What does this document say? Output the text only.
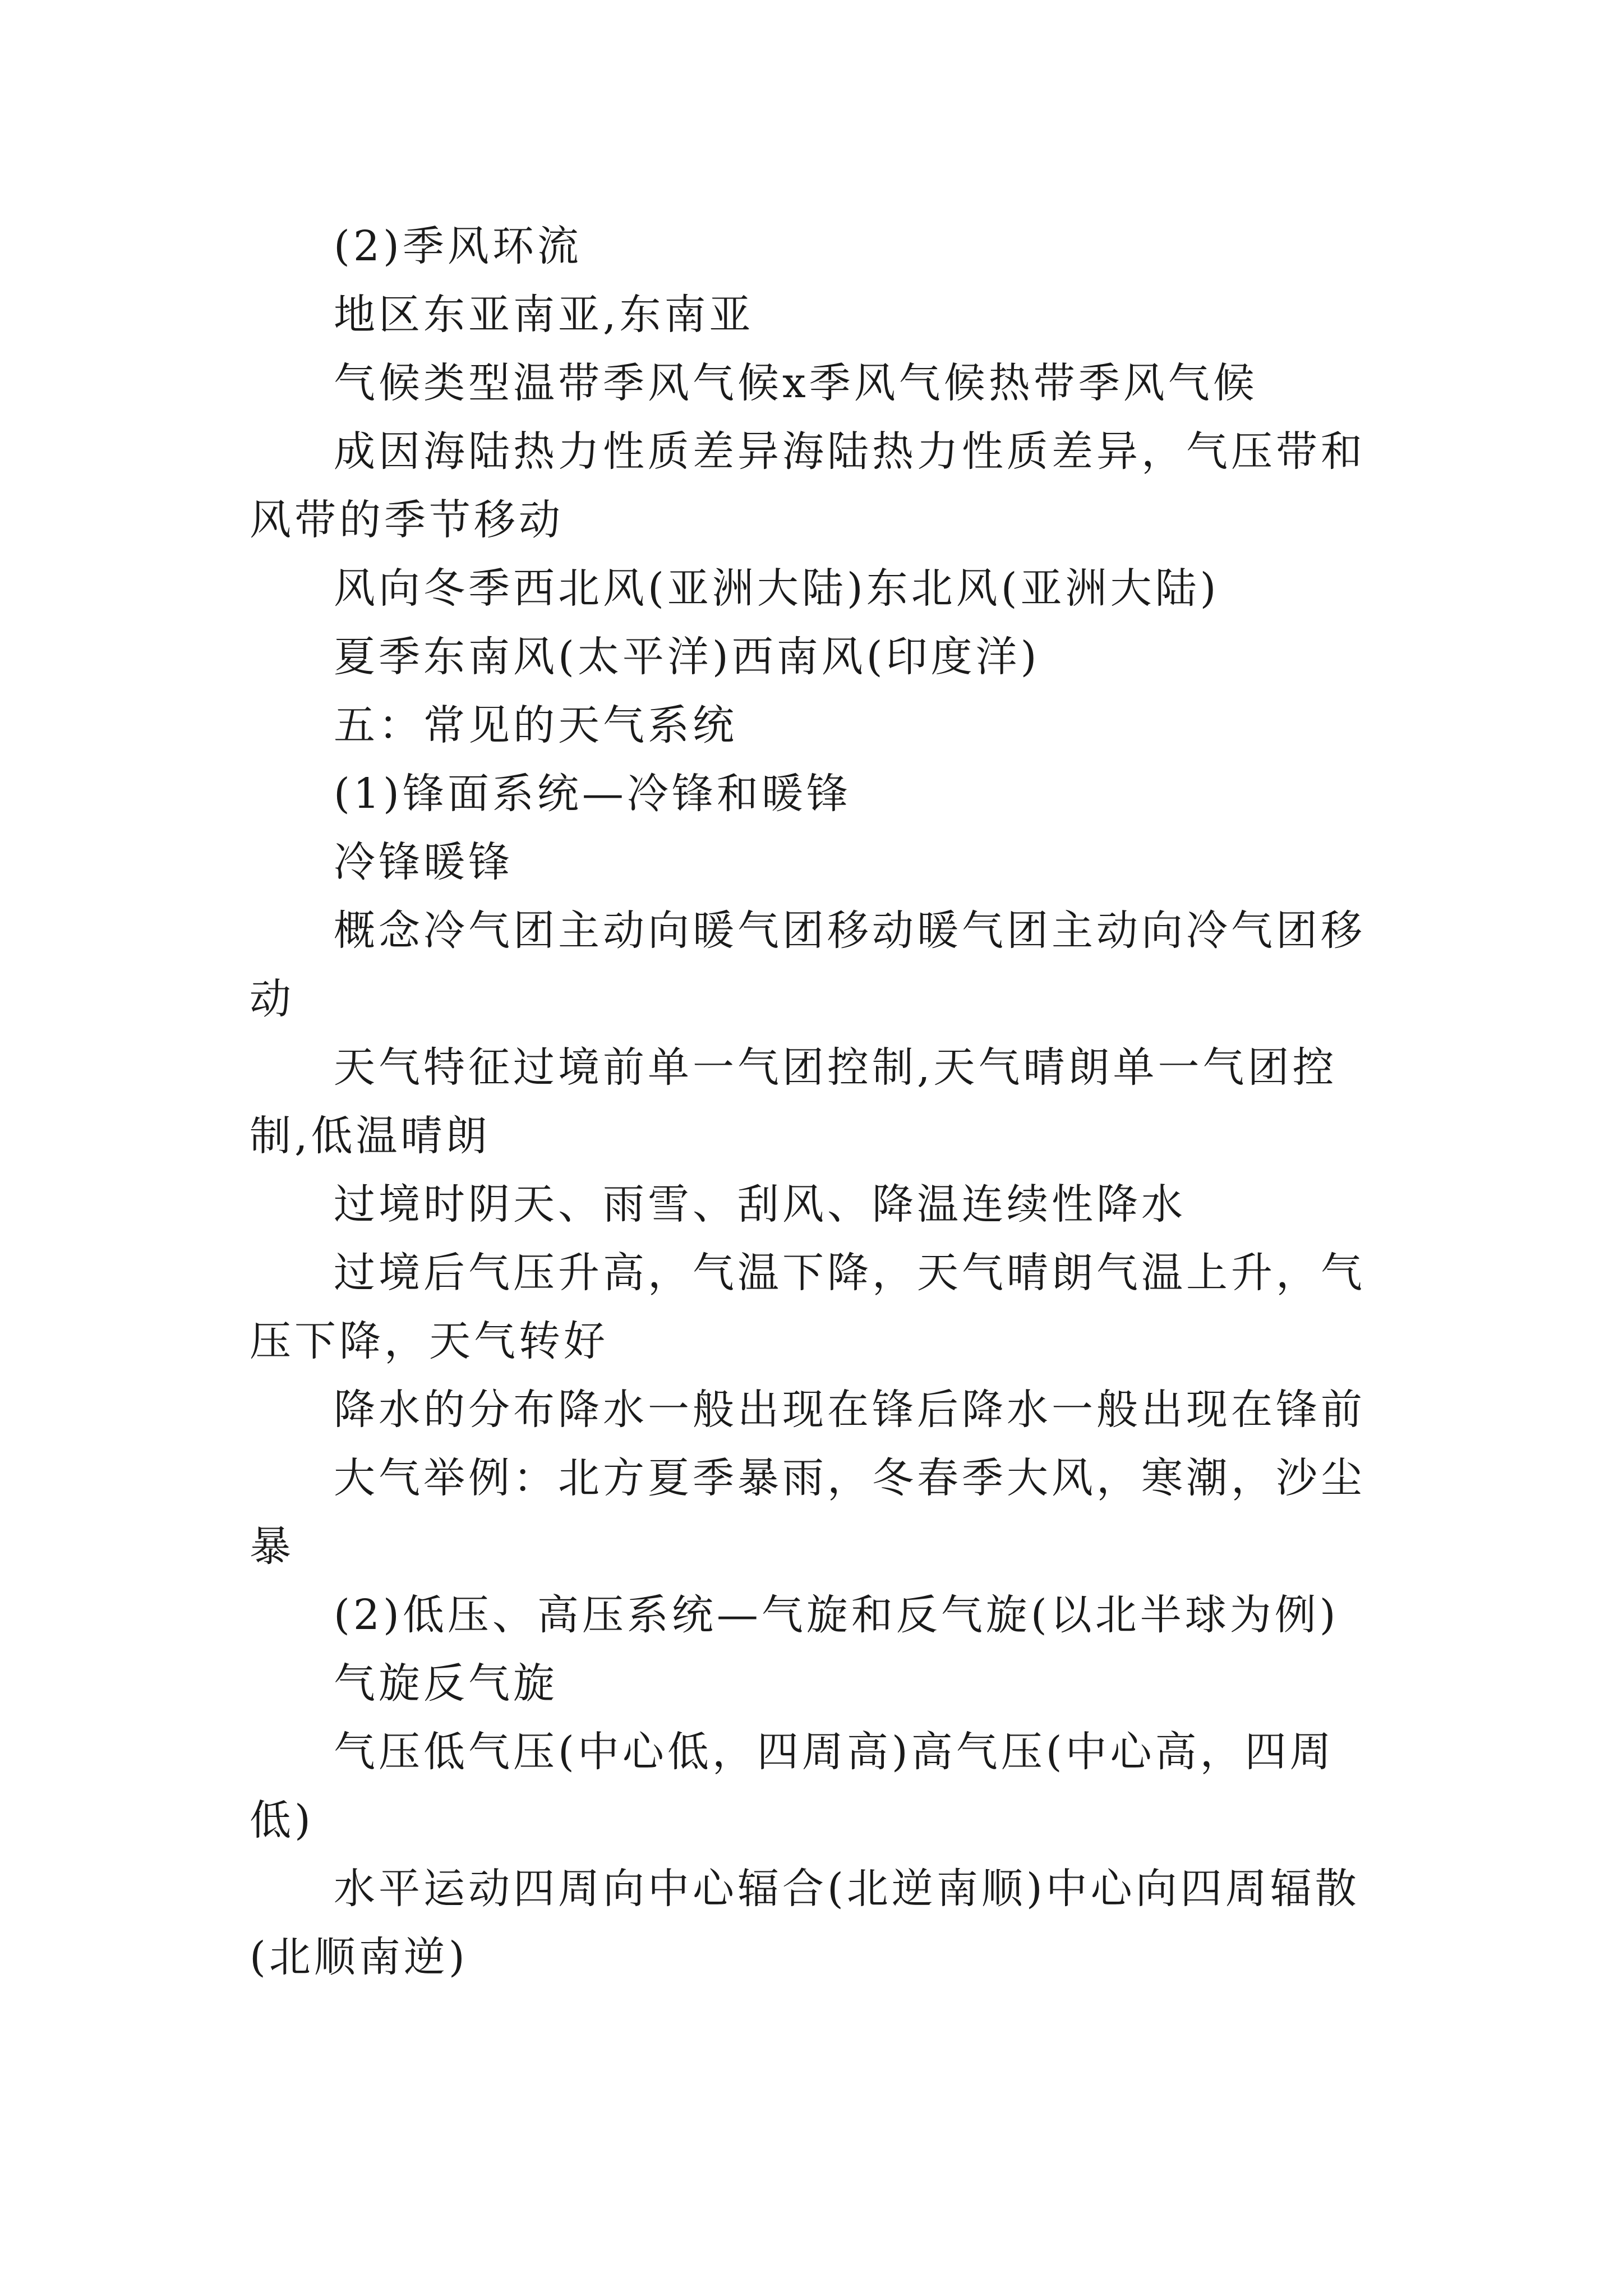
(2)季风环流

地区东亚南亚,东南亚

气候类型温带季风气候x季风气候热带季风气候

成因海陆热力性质差异海陆热力性质差异，气压带和风带的季节移动

风向冬季西北风(亚洲大陆)东北风(亚洲大陆)

夏季东南风(太平洋)西南风(印度洋)

五：常见的天气系统

(1)锋面系统—冷锋和暖锋

冷锋暖锋

概念冷气团主动向暖气团移动暖气团主动向冷气团移动

天气特征过境前单一气团控制,天气晴朗单一气团控制,低温晴朗

过境时阴天、雨雪、刮风、降温连续性降水

过境后气压升高，气温下降，天气晴朗气温上升，气压下降，天气转好

降水的分布降水一般出现在锋后降水一般出现在锋前

大气举例：北方夏季暴雨，冬春季大风，寒潮，沙尘暴

(2)低压、高压系统—气旋和反气旋(以北半球为例)

气旋反气旋

气压低气压(中心低，四周高)高气压(中心高，四周低)

水平运动四周向中心辐合(北逆南顺)中心向四周辐散(北顺南逆)
